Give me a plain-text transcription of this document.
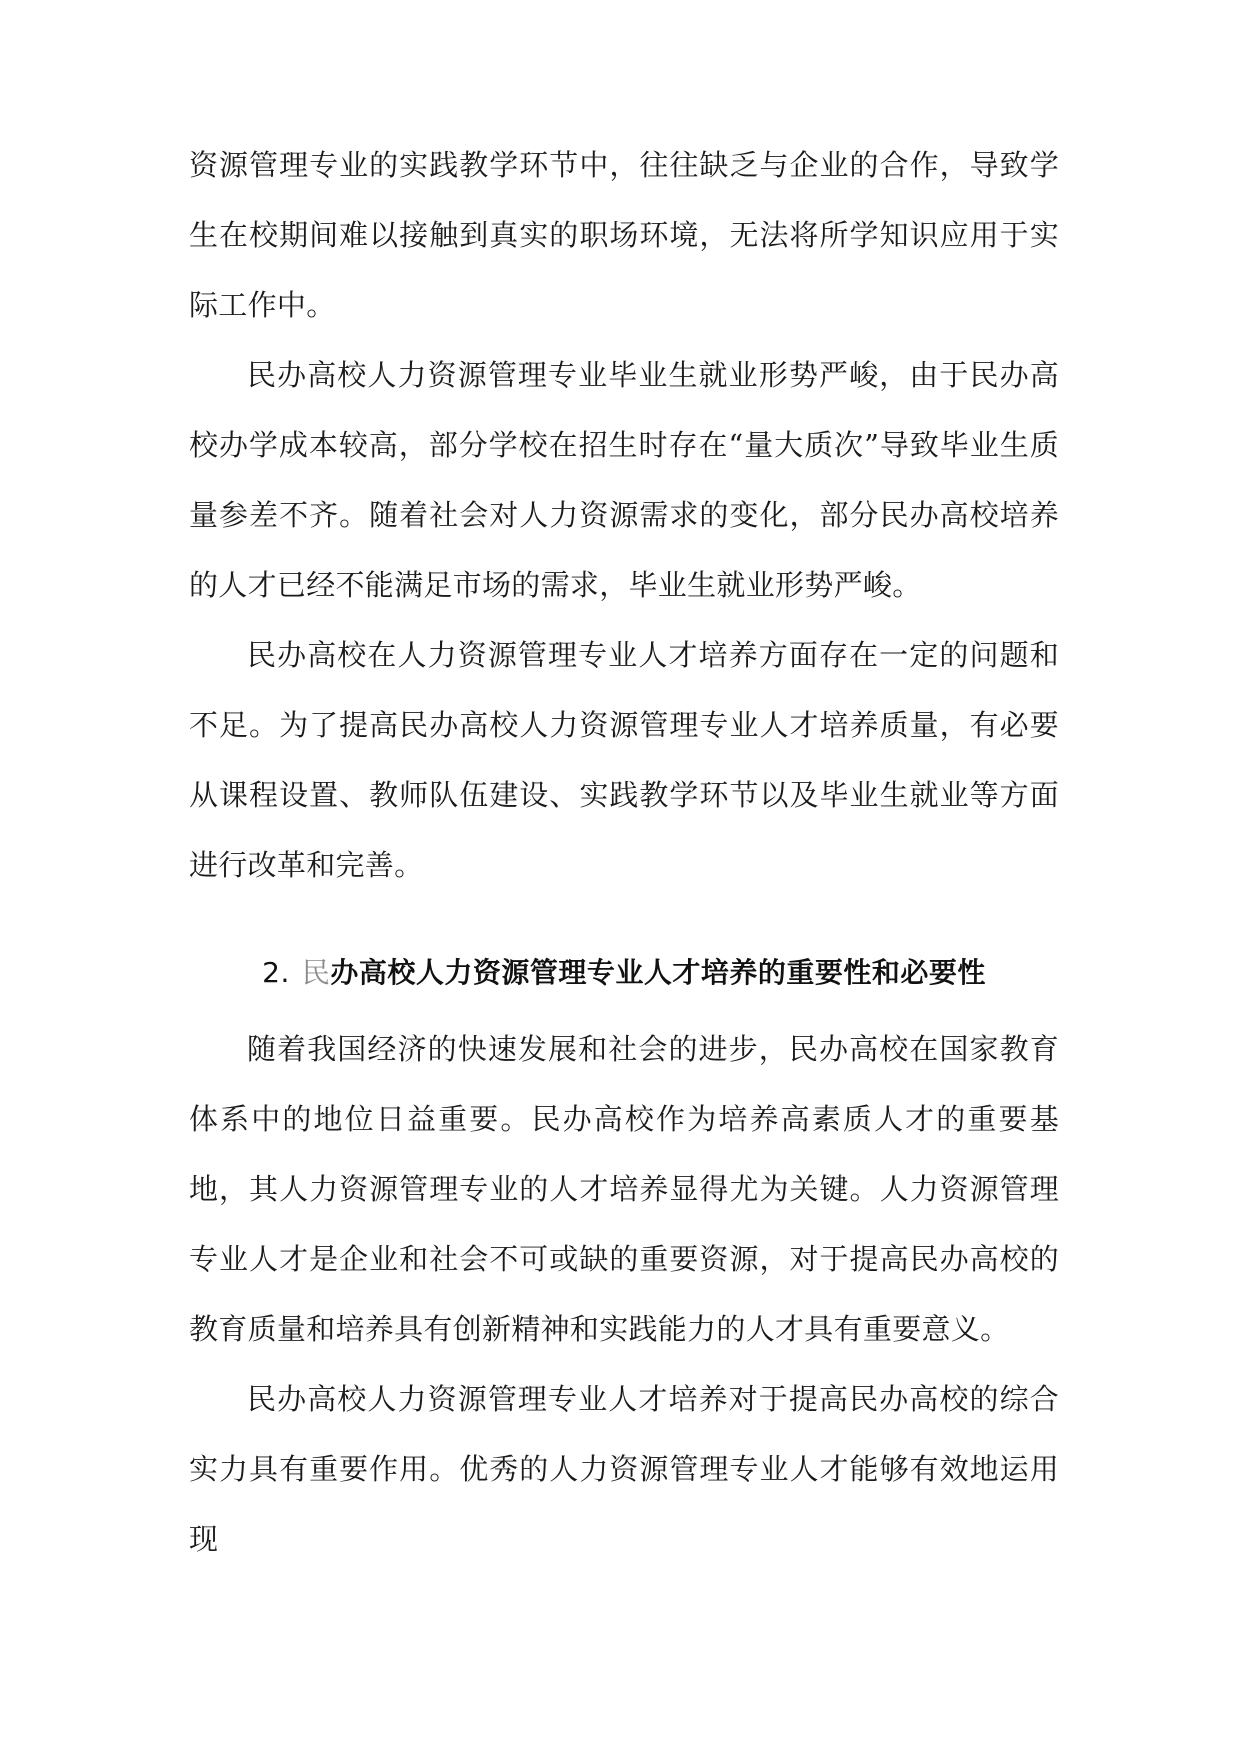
资源管理专业的实践教学环节中，往往缺乏与企业的合作，导致学生在校期间难以接触到真实的职场环境，无法将所学知识应用于实际工作中。

民办高校人力资源管理专业毕业生就业形势严峻，由于民办高校办学成本较高，部分学校在招生时存在“量大质次”导致毕业生质量参差不齐。随着社会对人力资源需求的变化，部分民办高校培养的人才已经不能满足市场的需求，毕业生就业形势严峻。

民办高校在人力资源管理专业人才培养方面存在一定的问题和不足。为了提高民办高校人力资源管理专业人才培养质量，有必要从课程设置、教师队伍建设、实践教学环节以及毕业生就业等方面进行改革和完善。

2. 民办高校人力资源管理专业人才培养的重要性和必要性

随着我国经济的快速发展和社会的进步，民办高校在国家教育体系中的地位日益重要。民办高校作为培养高素质人才的重要基地，其人力资源管理专业的人才培养显得尤为关键。人力资源管理专业人才是企业和社会不可或缺的重要资源，对于提高民办高校的教育质量和培养具有创新精神和实践能力的人才具有重要意义。

民办高校人力资源管理专业人才培养对于提高民办高校的综合实力具有重要作用。优秀的人力资源管理专业人才能够有效地运用现
